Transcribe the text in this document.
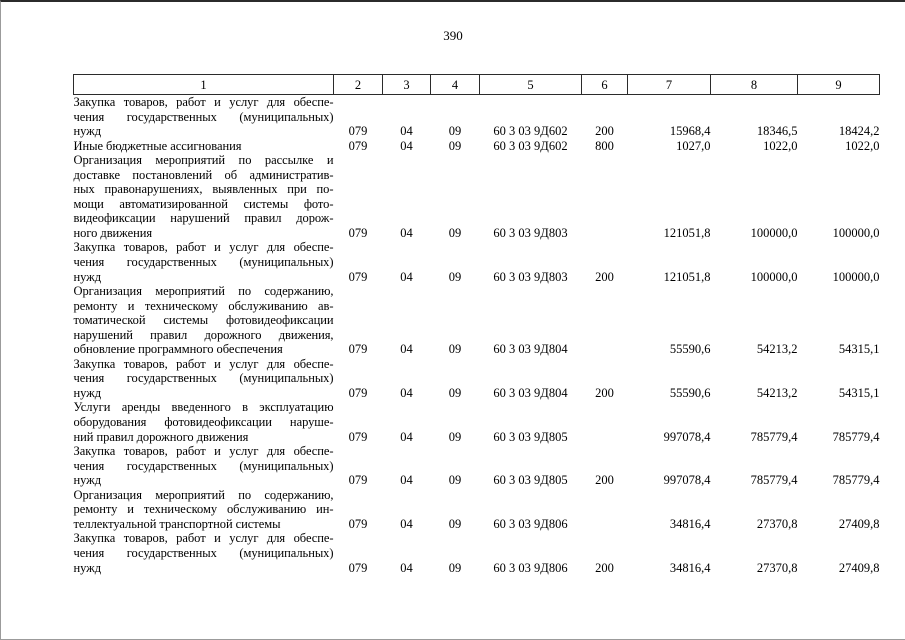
390
1	2	3	4	5	6	7	8	9

Закупка товаров, работ и услуг для обеспе-
чения государственных (муниципальных)
нужд	079	04	09	60 3 03 9Д602	200	15968,4	18346,5	18424,2

Иные бюджетные ассигнования	079	04	09	60 3 03 9Д602	800	1027,0	1022,0	1022,0

Организация мероприятий по рассылке и
доставке постановлений об административ-
ных правонарушениях, выявленных при по-
мощи автоматизированной системы фото-
видеофиксации нарушений правил дорож-
ного движения	079	04	09	60 3 03 9Д803		121051,8	100000,0	100000,0

Закупка товаров, работ и услуг для обеспе-
чения государственных (муниципальных)
нужд	079	04	09	60 3 03 9Д803	200	121051,8	100000,0	100000,0

Организация мероприятий по содержанию,
ремонту и техническому обслуживанию ав-
томатической системы фотовидеофиксации
нарушений правил дорожного движения,
обновление программного обеспечения	079	04	09	60 3 03 9Д804		55590,6	54213,2	54315,1

Закупка товаров, работ и услуг для обеспе-
чения государственных (муниципальных)
нужд	079	04	09	60 3 03 9Д804	200	55590,6	54213,2	54315,1

Услуги аренды введенного в эксплуатацию
оборудования фотовидеофиксации наруше-
ний правил дорожного движения	079	04	09	60 3 03 9Д805		997078,4	785779,4	785779,4

Закупка товаров, работ и услуг для обеспе-
чения государственных (муниципальных)
нужд	079	04	09	60 3 03 9Д805	200	997078,4	785779,4	785779,4

Организация мероприятий по содержанию,
ремонту и техническому обслуживанию ин-
теллектуальной транспортной системы	079	04	09	60 3 03 9Д806		34816,4	27370,8	27409,8

Закупка товаров, работ и услуг для обеспе-
чения государственных (муниципальных)
нужд	079	04	09	60 3 03 9Д806	200	34816,4	27370,8	27409,8
